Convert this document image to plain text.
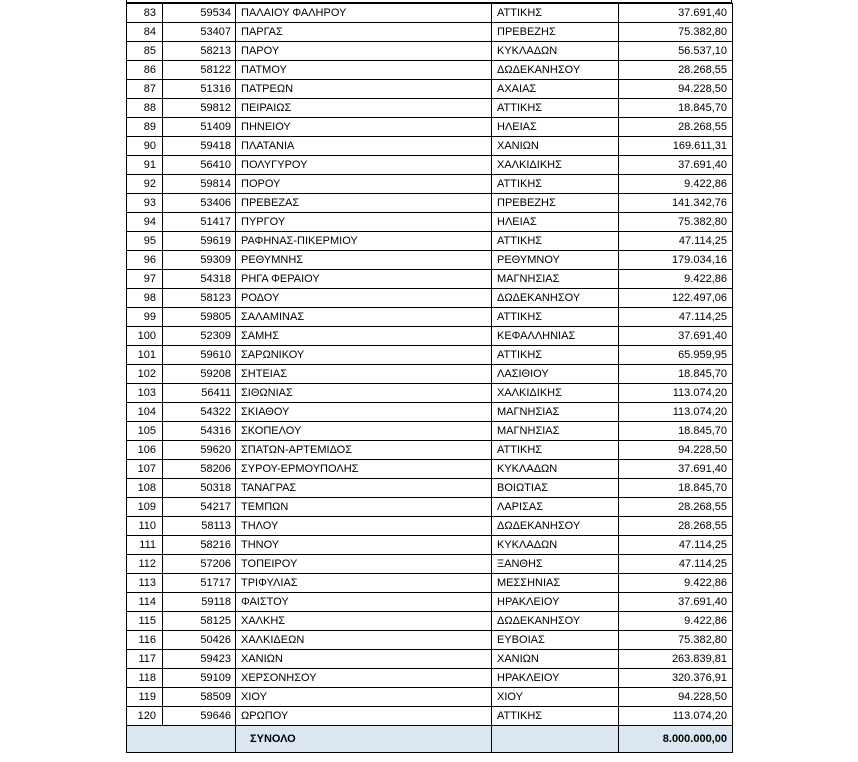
83	59534	ΠΑΛΑΙΟΥ ΦΑΛΗΡΟΥ	ΑΤΤΙΚΗΣ	37.691,40
84	53407	ΠΑΡΓΑΣ	ΠΡΕΒΕΖΗΣ	75.382,80
85	58213	ΠΑΡΟΥ	ΚΥΚΛΑΔΩΝ	56.537,10
86	58122	ΠΑΤΜΟΥ	ΔΩΔΕΚΑΝΗΣΟΥ	28.268,55
87	51316	ΠΑΤΡΕΩΝ	ΑΧΑΙΑΣ	94.228,50
88	59812	ΠΕΙΡΑΙΩΣ	ΑΤΤΙΚΗΣ	18.845,70
89	51409	ΠΗΝΕΙΟΥ	ΗΛΕΙΑΣ	28.268,55
90	59418	ΠΛΑΤΑΝΙΑ	ΧΑΝΙΩΝ	169.611,31
91	56410	ΠΟΛΥΓΥΡΟΥ	ΧΑΛΚΙΔΙΚΗΣ	37.691,40
92	59814	ΠΟΡΟΥ	ΑΤΤΙΚΗΣ	9.422,86
93	53406	ΠΡΕΒΕΖΑΣ	ΠΡΕΒΕΖΗΣ	141.342,76
94	51417	ΠΥΡΓΟΥ	ΗΛΕΙΑΣ	75.382,80
95	59619	ΡΑΦΗΝΑΣ-ΠΙΚΕΡΜΙΟΥ	ΑΤΤΙΚΗΣ	47.114,25
96	59309	ΡΕΘΥΜΝΗΣ	ΡΕΘΥΜΝΟΥ	179.034,16
97	54318	ΡΗΓΑ ΦΕΡΑΙΟΥ	ΜΑΓΝΗΣΙΑΣ	9.422,86
98	58123	ΡΟΔΟΥ	ΔΩΔΕΚΑΝΗΣΟΥ	122.497,06
99	59805	ΣΑΛΑΜΙΝΑΣ	ΑΤΤΙΚΗΣ	47.114,25
100	52309	ΣΑΜΗΣ	ΚΕΦΑΛΛΗΝΙΑΣ	37.691,40
101	59610	ΣΑΡΩΝΙΚΟΥ	ΑΤΤΙΚΗΣ	65.959,95
102	59208	ΣΗΤΕΙΑΣ	ΛΑΣΙΘΙΟΥ	18.845,70
103	56411	ΣΙΘΩΝΙΑΣ	ΧΑΛΚΙΔΙΚΗΣ	113.074,20
104	54322	ΣΚΙΑΘΟΥ	ΜΑΓΝΗΣΙΑΣ	113.074,20
105	54316	ΣΚΟΠΕΛΟΥ	ΜΑΓΝΗΣΙΑΣ	18.845,70
106	59620	ΣΠΑΤΩΝ-ΑΡΤΕΜΙΔΟΣ	ΑΤΤΙΚΗΣ	94.228,50
107	58206	ΣΥΡΟΥ-ΕΡΜΟΥΠΟΛΗΣ	ΚΥΚΛΑΔΩΝ	37.691,40
108	50318	ΤΑΝΑΓΡΑΣ	ΒΟΙΩΤΙΑΣ	18.845,70
109	54217	ΤΕΜΠΩΝ	ΛΑΡΙΣΑΣ	28.268,55
110	58113	ΤΗΛΟΥ	ΔΩΔΕΚΑΝΗΣΟΥ	28.268,55
111	58216	ΤΗΝΟΥ	ΚΥΚΛΑΔΩΝ	47.114,25
112	57206	ΤΟΠΕΙΡΟΥ	ΞΑΝΘΗΣ	47.114,25
113	51717	ΤΡΙΦΥΛΙΑΣ	ΜΕΣΣΗΝΙΑΣ	9.422,86
114	59118	ΦΑΙΣΤΟΥ	ΗΡΑΚΛΕΙΟΥ	37.691,40
115	58125	ΧΑΛΚΗΣ	ΔΩΔΕΚΑΝΗΣΟΥ	9.422,86
116	50426	ΧΑΛΚΙΔΕΩΝ	ΕΥΒΟΙΑΣ	75.382,80
117	59423	ΧΑΝΙΩΝ	ΧΑΝΙΩΝ	263.839,81
118	59109	ΧΕΡΣΟΝΗΣΟΥ	ΗΡΑΚΛΕΙΟΥ	320.376,91
119	58509	ΧΙΟΥ	ΧΙΟΥ	94.228,50
120	59646	ΩΡΩΠΟΥ	ΑΤΤΙΚΗΣ	113.074,20
		ΣΥΝΟΛΟ		8.000.000,00
